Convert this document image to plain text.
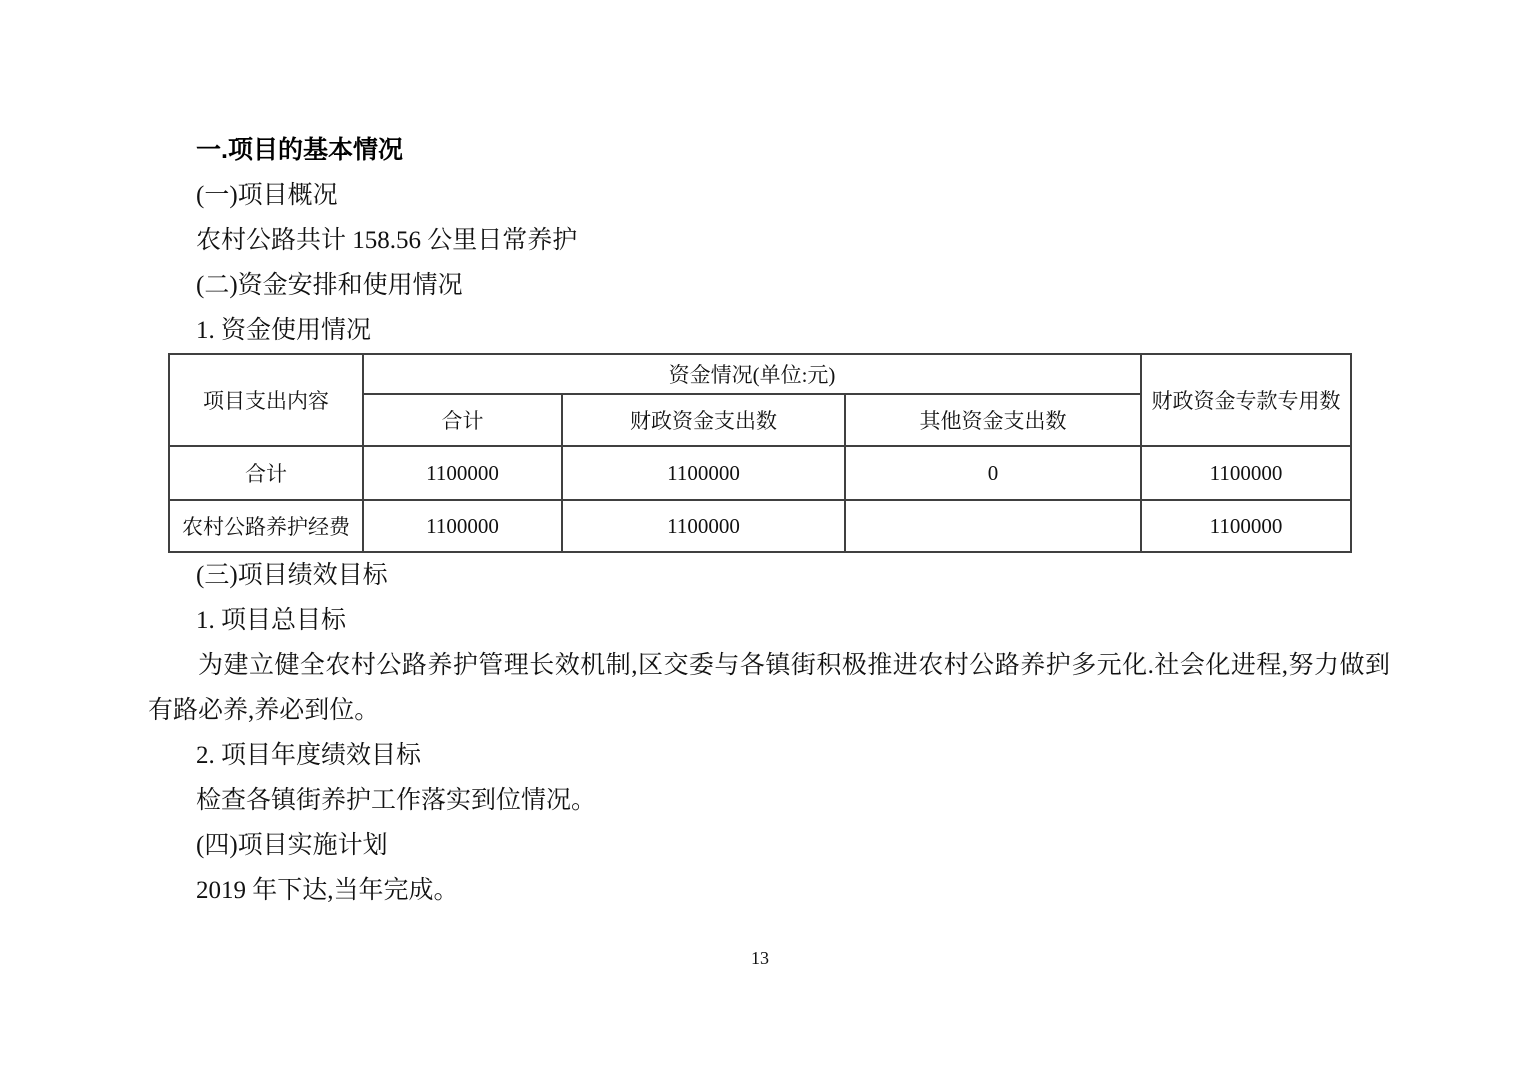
一.项目的基本情况

(一)项目概况

农村公路共计 158.56 公里日常养护

(二)资金安排和使用情况

1. 资金使用情况

项目支出内容	资金情况(单位:元)			财政资金专款专用数
	合计	财政资金支出数	其他资金支出数	
合计	1100000	1100000	0	1100000
农村公路养护经费	1100000	1100000		1100000

(三)项目绩效目标

1. 项目总目标

为建立健全农村公路养护管理长效机制,区交委与各镇街积极推进农村公路养护多元化.社会化进程,努力做到有路必养,养必到位。

2. 项目年度绩效目标

检查各镇街养护工作落实到位情况。

(四)项目实施计划

2019 年下达,当年完成。

13
